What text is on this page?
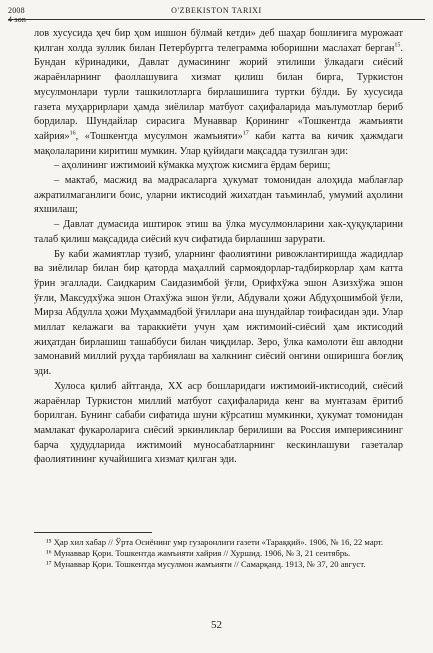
2008
4 son
O'ZBEKISTON TARIXI

лов хусусида ҳеч бир ҳом ишшон бўлмай кетди» деб шаҳар бошлиғига мурожаат қилган холда зуллик билан Петербургга телеграмма юборишни маслахат берган$^{15}$. Бундан кўринадики, Давлат думасининг жорий этилиши ўлкадаги сиёсий жараёнларнинг фаоллашувига хизмат қилиш билан бирга, Туркистон мусулмонлари турли ташкилотларга бирлашишига туртки бўлди. Бу хусусида газета муҳаррирлари ҳамда зиёлилар матбуот саҳифаларида маълумотлар бериб бордилар. Шундайлар сирасига Мунаввар Қорининг «Тошкентда жамъияти хайрия»$^{16}$, «Тошкентда мусулмон жамъияти»$^{17}$ каби катта ва кичик ҳажмдаги мақолаларини киритиш мумкин. Улар қуйидаги мақсадда тузилган эди:

– аҳолининг ижтимоий кўмакка муҳтож кисмига ёрдам бериш;

– мактаб, масжид ва мадрасаларга ҳукумат томонидан алоҳида маблағлар ажратилмаганлиги боис, уларни иктисодий жихатдан таъминлаб, умумий аҳолини яхшилаш;

– Давлат думасида иштирок этиш ва ўлка мусулмонларини хак-ҳуқуқларини талаб қилиш мақсадида сиёсий куч сифатида бирлашиш зарурати.

Бу каби жамиятлар тузиб, уларнинг фаолиятини ривожлантиришда жадидлар ва зиёлилар билан бир қаторда маҳаллий сармоядорлар-тадбиркорлар ҳам катта ўрин эгаллади. Саидкарим Саидазимбой ўғли, Орифхўжа эшон Азизхўжа эшон ўғли, Максудхўжа эшон Отахўжа эшон ўғли, Абдували ҳожи Абдуҳошимбой ўғли, Мирза Абдулла ҳожи Муҳаммадбой ўғиллари ана шундайлар тоифасидан эди. Улар миллат келажаги ва тараккиёти учун ҳам ижтимоий-сиёсий ҳам иктисодий жиҳатдан бирлашиш ташаббуси билан чиқдилар. Зеро, ўлка камолоти ёш авлодни замонавий миллий руҳда тарбиялаш ва халкнинг сиёсий онгини оширишга боғлиқ эди.

Хулоса қилиб айтганда, XX аср бошларидаги ижтимоий-иктисодий, сиёсий жараёнлар Туркистон миллий матбуот саҳифаларида кенг ва мунтазам ёритиб борилган. Бунинг сабаби сифатида шуни кўрсатиш мумкинки, ҳукумат томонидан мамлакат фукароларига сиёсий эркинликлар берилиши ва Россия империясининг барча ҳудудларида ижтимоий муносабатларнинг кескинлашуви газеталар фаолиятининг кучайишига хизмат қилган эди.

¹⁵ Ҳар хил хабар // Ўрта Осиёнинг умр гузаронлиги газети «Тараққий». 1906, № 16, 22 март.

¹⁶ Мунаввар Қори. Тошкентда жамъияти хайрия // Хуршид. 1906, № 3, 21 сентябрь.

¹⁷ Мунаввар Қори. Тошкентда мусулмон жамъияти // Самарқанд. 1913, № 37, 20 август.

52
